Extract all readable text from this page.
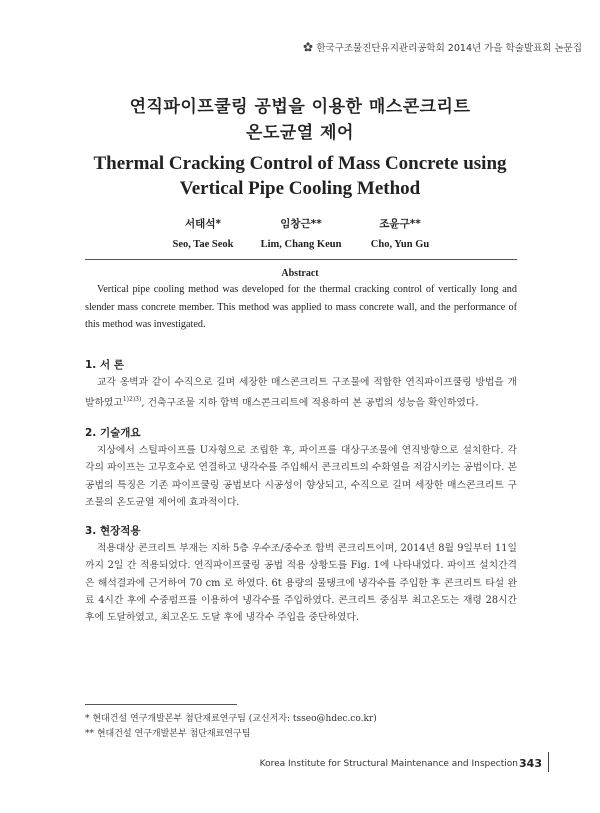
한국구조물진단유지관리공학회 2014년 가을 학술발표회 논문집
연직파이프쿨링 공법을 이용한 매스콘크리트
온도균열 제어
Thermal Cracking Control of Mass Concrete using
Vertical Pipe Cooling Method
서태석*
Seo, Tae Seok
임창근**
Lim, Chang Keun
조윤구**
Cho, Yun Gu
Abstract
Vertical pipe cooling method was developed for the thermal cracking control of vertically long and slender mass concrete member. This method was applied to mass concrete wall, and the performance of this method was investigated.
1. 서 론
교각 옹벽과 같이 수직으로 길며 세장한 매스콘크리트 구조물에 적합한 연직파이프쿨링 방법을 개발하였고$^{1)2)3)}$, 건축구조물 지하 합벽 매스콘크리트에 적용하여 본 공법의 성능을 확인하였다.
2. 기술개요
지상에서 스틸파이프를 U자형으로 조립한 후, 파이프를 대상구조물에 연직방향으로 설치한다. 각각의 파이프는 고무호수로 연결하고 냉각수를 주입해서 콘크리트의 수화열을 저감시키는 공법이다. 본 공법의 특징은 기존 파이프쿨링 공법보다 시공성이 향상되고, 수직으로 길며 세장한 매스콘크리트 구조물의 온도균열 제어에 효과적이다.
3. 현장적용
적용대상 콘크리트 부재는 지하 5층 우수조/중수조 합벽 콘크리트이며, 2014년 8월 9일부터 11일까지 2일 간 적용되었다. 연직파이프쿨링 공법 적용 상황도를 Fig. 1에 나타내었다. 파이프 설치간격은 해석결과에 근거하여 70 cm 로 하였다. 6t 용량의 물탱크에 냉각수를 주입한 후 콘크리트 타설 완료 4시간 후에 수중펌프를 이용하여 냉각수를 주입하였다. 콘크리트 중심부 최고온도는 재령 28시간 후에 도달하였고, 최고온도 도달 후에 냉각수 주입을 중단하였다.
* 현대건설 연구개발본부 첨단재료연구팀 (교신저자: tsseo@hdec.co.kr)
** 현대건설 연구개발본부 첨단재료연구팀
Korea Institute for Structural Maintenance and Inspection 343
